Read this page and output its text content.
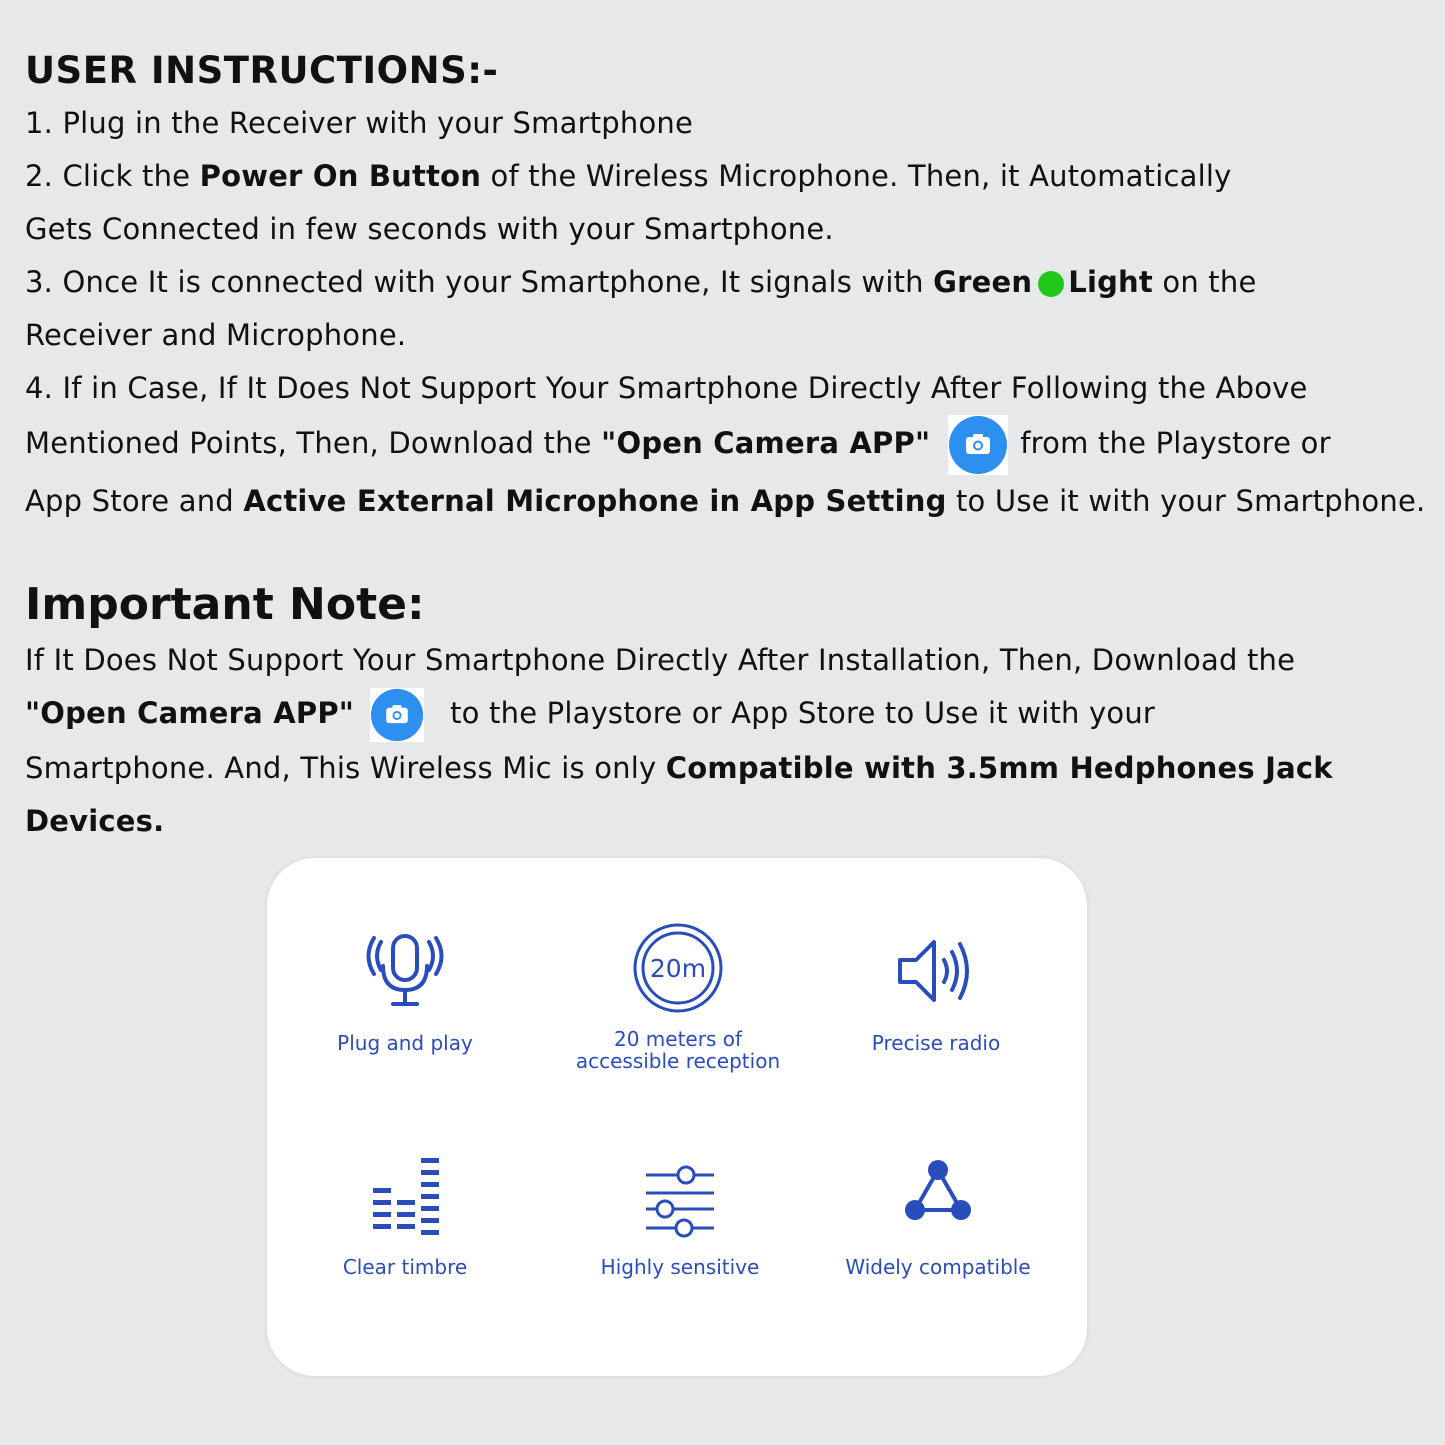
USER INSTRUCTIONS:-
1. Plug in the Receiver with your Smartphone
2. Click the Power On Button of the Wireless Microphone. Then, it Automatically
Gets Connected in few seconds with your Smartphone.
3. Once It is connected with your Smartphone, It signals with Green Light on the
Receiver and Microphone.
4. If in Case, If It Does Not Support Your Smartphone Directly After Following the Above
Mentioned Points, Then, Download the "Open Camera APP"	from the Playstore or
App Store and Active External Microphone in App Setting to Use it with your Smartphone.
Important Note:
If It Does Not Support Your Smartphone Directly After Installation, Then, Download the
"Open Camera APP"	to the Playstore or App Store to Use it with your
Smartphone. And, This Wireless Mic is only Compatible with 3.5mm Hedphones Jack
Devices.
Plug and play
20m
20 meters of
accessible reception
Precise radio
Clear timbre	Highly sensitive	Widely compatible
